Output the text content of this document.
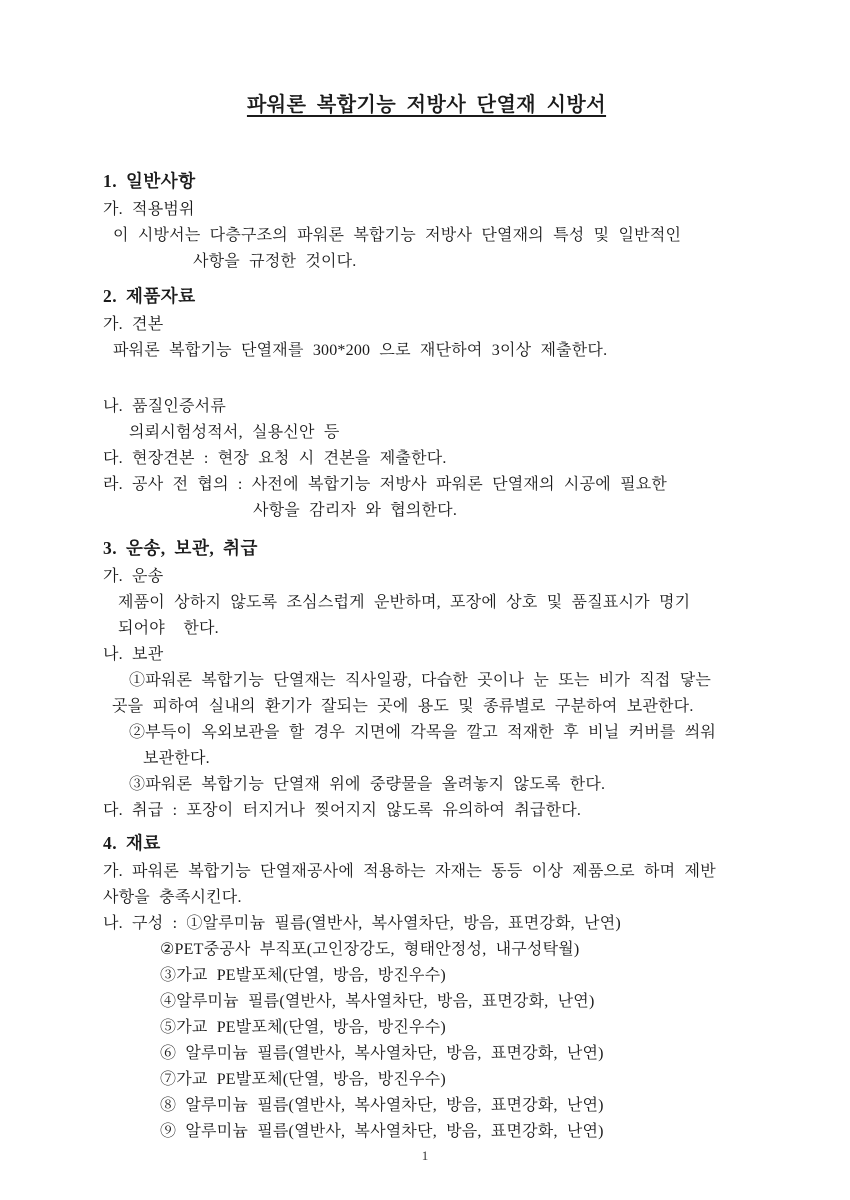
파워론 복합기능 저방사 단열재 시방서
1. 일반사항

가. 적용범위

이 시방서는 다층구조의 파워론 복합기능 저방사 단열재의 특성 및 일반적인

사항을 규정한 것이다.

2. 제품자료

가. 견본

파워론 복합기능 단열재를 300*200 으로 재단하여 3이상 제출한다.

나. 품질인증서류

의뢰시험성적서, 실용신안 등

다. 현장견본 : 현장 요청 시 견본을 제출한다.

라. 공사 전 협의 : 사전에 복합기능 저방사 파워론 단열재의 시공에 필요한

사항을 감리자 와 협의한다.

3. 운송, 보관, 취급

가. 운송

제품이 상하지 않도록 조심스럽게 운반하며, 포장에 상호 및 품질표시가 명기

되어야  한다.

나. 보관

①파워론 복합기능 단열재는 직사일광, 다습한 곳이나 눈 또는 비가 직접 닿는

곳을 피하여 실내의 환기가 잘되는 곳에 용도 및 종류별로 구분하여 보관한다.

②부득이 옥외보관을 할 경우 지면에 각목을 깔고 적재한 후 비닐 커버를 씌워

보관한다.

③파워론 복합기능 단열재 위에 중량물을 올려놓지 않도록 한다.

다. 취급 : 포장이 터지거나 찢어지지 않도록 유의하여 취급한다.

4. 재료

가. 파워론 복합기능 단열재공사에 적용하는 자재는 동등 이상 제품으로 하며 제반

사항을 충족시킨다.

나. 구성 : ①알루미늄 필름(열반사, 복사열차단, 방음, 표면강화, 난연)

②PET중공사 부직포(고인장강도, 형태안정성, 내구성탁월)

③가교 PE발포체(단열, 방음, 방진우수)

④알루미늄 필름(열반사, 복사열차단, 방음, 표면강화, 난연)

⑤가교 PE발포체(단열, 방음, 방진우수)

⑥ 알루미늄 필름(열반사, 복사열차단, 방음, 표면강화, 난연)

⑦가교 PE발포체(단열, 방음, 방진우수)

⑧ 알루미늄 필름(열반사, 복사열차단, 방음, 표면강화, 난연)

⑨ 알루미늄 필름(열반사, 복사열차단, 방음, 표면강화, 난연)

1
